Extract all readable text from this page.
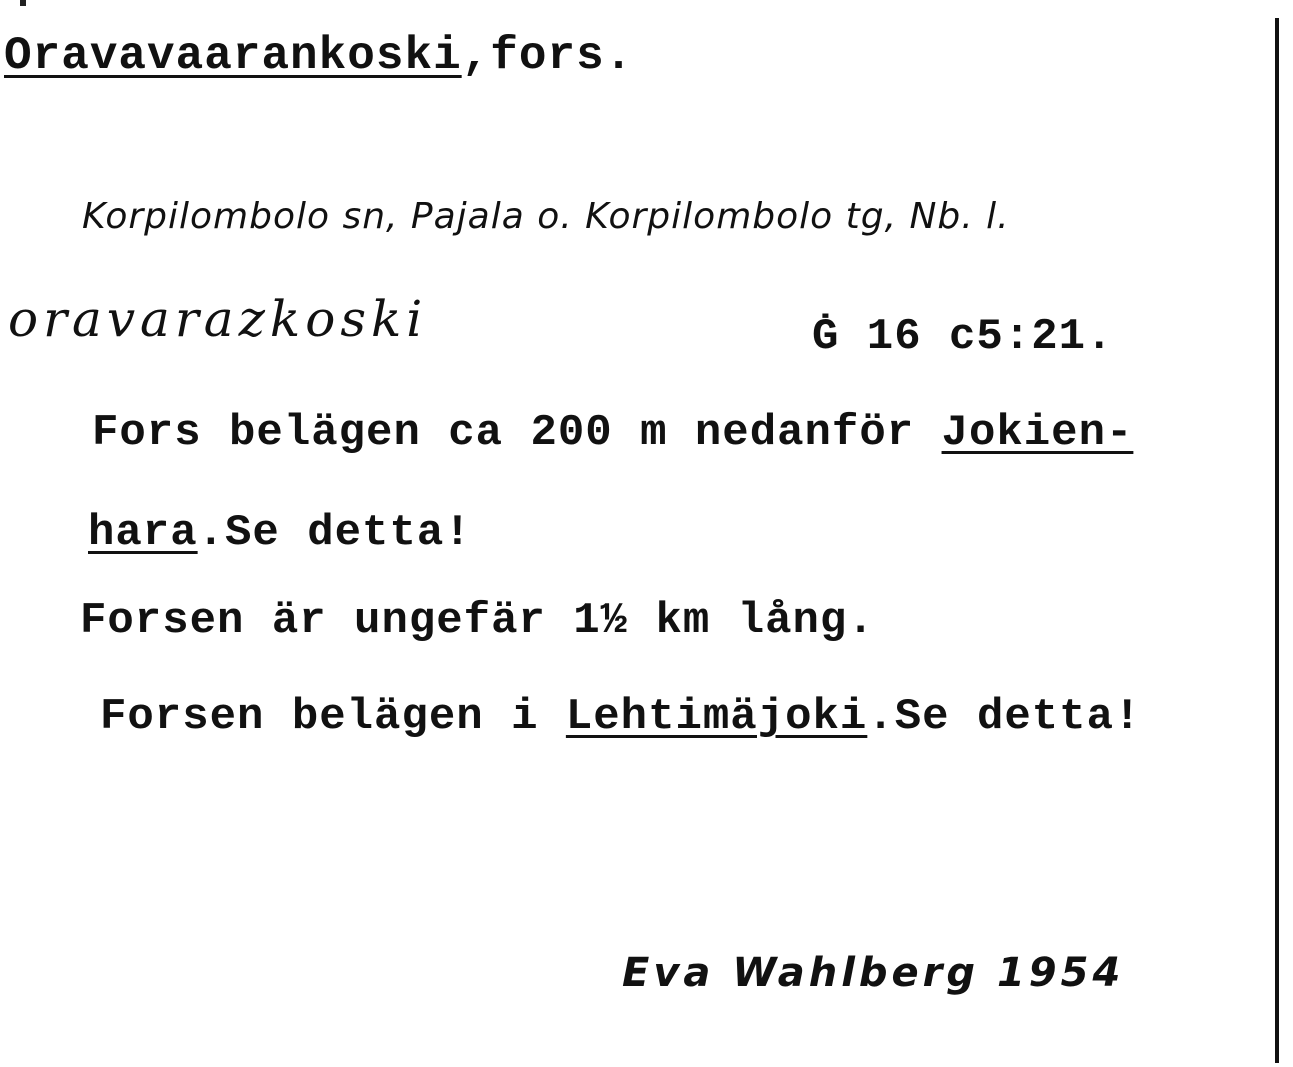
Oravavaarankoski,fors.
Korpilombolo sn, Pajala o. Korpilombolo tg, Nb. l.
oravarazkoski	Ġ 16 c5:21.
Fors belägen ca 200 m nedanför Jokien-
hara.Se detta!
Forsen är ungefär 1½ km lång.
Forsen belägen i Lehtimäjoki.Se detta!
Eva Wahlberg 1954
